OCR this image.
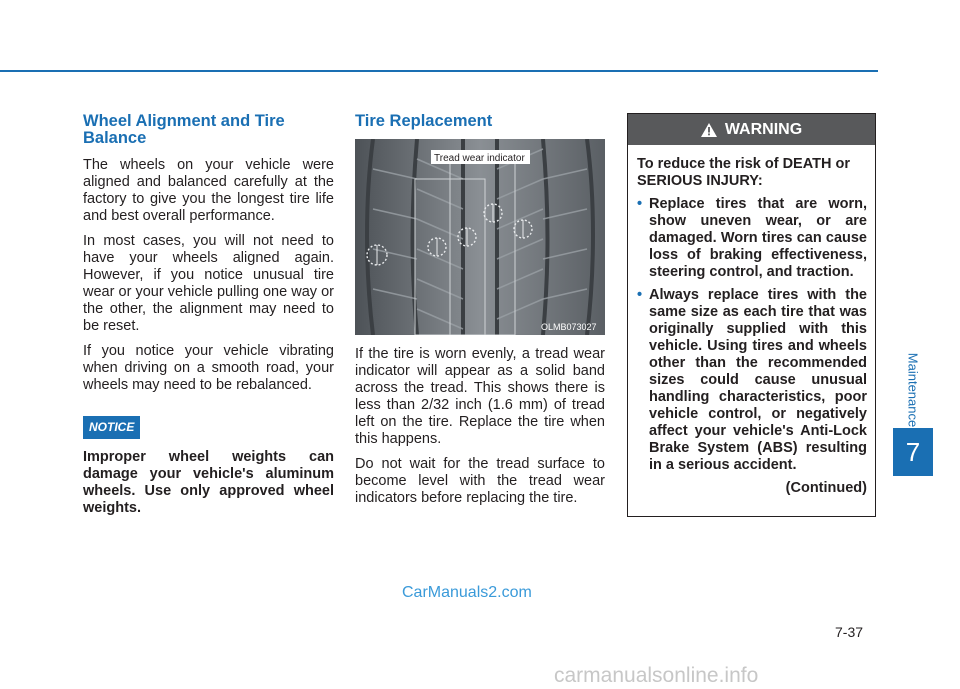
Maintenance
7
Wheel Alignment and Tire Balance

The wheels on your vehicle were aligned and balanced carefully at the factory to give you the longest tire life and best overall performance.

In most cases, you will not need to have your wheels aligned again. However, if you notice unusual tire wear or your vehicle pulling one way or the other, the alignment may need to be reset.

If you notice your vehicle vibrating when driving on a smooth road, your wheels may need to be rebalanced.

NOTICE

Improper wheel weights can damage your vehicle's aluminum wheels. Use only approved wheel weights.

Tire Replacement
Tread wear indicator
OLMB073027

If the tire is worn evenly, a tread wear indicator will appear as a solid band across the tread. This shows there is less than 2/32 inch (1.6 mm) of tread left on the tire. Replace the tire when this happens.

Do not wait for the tread surface to become level with the tread wear indicators before replacing the tire.

WARNING

To reduce the risk of DEATH or SERIOUS INJURY:

• Replace tires that are worn, show uneven wear, or are damaged. Worn tires can cause loss of braking effectiveness, steering control, and traction.
• Always replace tires with the same size as each tire that was originally supplied with this vehicle. Using tires and wheels other than the recommended sizes could cause unusual handling characteristics, poor vehicle control, or negatively affect your vehicle's Anti-Lock Brake System (ABS) resulting in a serious accident.
(Continued)
CarManuals2.com
7-37
carmanualsonline.info
